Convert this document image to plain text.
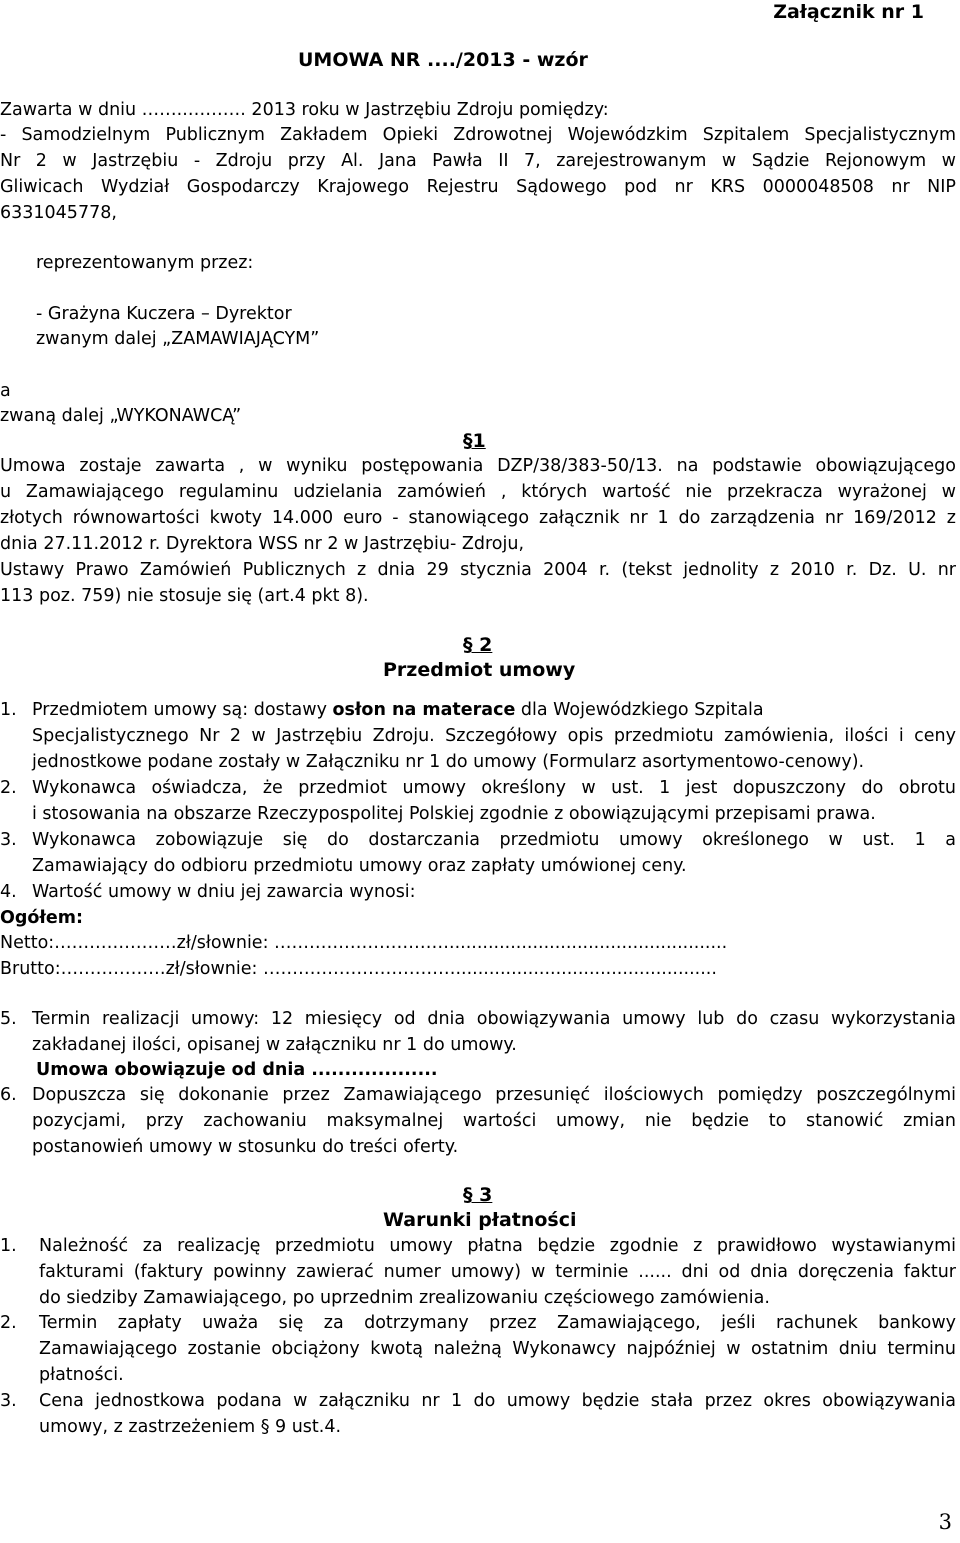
Załącznik nr 1
UMOWA NR ..../2013 - wzór
Zawarta w dniu ……..………. 2013 roku w Jastrzębiu Zdroju pomiędzy:
- Samodzielnym Publicznym Zakładem Opieki Zdrowotnej Wojewódzkim Szpitalem Specjalistycznym
Nr 2 w Jastrzębiu - Zdroju przy Al. Jana Pawła II 7, zarejestrowanym w Sądzie Rejonowym w
Gliwicach Wydział Gospodarczy Krajowego Rejestru Sądowego pod nr KRS 0000048508 nr NIP
6331045778,
reprezentowanym przez:
- Grażyna Kuczera – Dyrektor
zwanym dalej „ZAMAWIAJĄCYM”
a
zwaną dalej „WYKONAWCĄ”
§1
Umowa zostaje zawarta , w wyniku postępowania DZP/38/383-50/13. na podstawie obowiązującego
u Zamawiającego regulaminu udzielania zamówień , których wartość nie przekracza wyrażonej w
złotych równowartości kwoty 14.000 euro - stanowiącego załącznik nr 1 do zarządzenia nr 169/2012 z
dnia 27.11.2012 r. Dyrektora WSS nr 2 w Jastrzębiu- Zdroju,
Ustawy Prawo Zamówień Publicznych z dnia 29 stycznia 2004 r. (tekst jednolity z 2010 r. Dz. U. nr
113 poz. 759) nie stosuje się (art.4 pkt 8).
§ 2
Przedmiot umowy
1. Przedmiotem umowy są: dostawy osłon na materace dla Wojewódzkiego Szpitala
Specjalistycznego Nr 2 w Jastrzębiu Zdroju. Szczegółowy opis przedmiotu zamówienia, ilości i ceny
jednostkowe podane zostały w Załączniku nr 1 do umowy (Formularz asortymentowo-cenowy).
2. Wykonawca oświadcza, że przedmiot umowy określony w ust. 1 jest dopuszczony do obrotu
i stosowania na obszarze Rzeczypospolitej Polskiej zgodnie z obowiązującymi przepisami prawa.
3. Wykonawca zobowiązuje się do dostarczania przedmiotu umowy określonego w ust. 1 a
Zamawiający do odbioru przedmiotu umowy oraz zapłaty umówionej ceny.
4. Wartość umowy w dniu jej zawarcia wynosi:
Ogółem:
Netto:…………………zł/słownie: …………………………..................................................
Brutto:………………zł/słownie: ……………………………...............................................
5. Termin realizacji umowy: 12 miesięcy od dnia obowiązywania umowy lub do czasu wykorzystania
zakładanej ilości, opisanej w załączniku nr 1 do umowy.
Umowa obowiązuje od dnia ...................
6. Dopuszcza się dokonanie przez Zamawiającego przesunięć ilościowych pomiędzy poszczególnymi
pozycjami, przy zachowaniu maksymalnej wartości umowy, nie będzie to stanowić zmian
postanowień umowy w stosunku do treści oferty.
§ 3
Warunki płatności
1. Należność za realizację przedmiotu umowy płatna będzie zgodnie z prawidłowo wystawianymi
fakturami (faktury powinny zawierać numer umowy) w terminie ...... dni od dnia doręczenia faktur
do siedziby Zamawiającego, po uprzednim zrealizowaniu częściowego zamówienia.
2. Termin zapłaty uważa się za dotrzymany przez Zamawiającego, jeśli rachunek bankowy
Zamawiającego zostanie obciążony kwotą należną Wykonawcy najpóźniej w ostatnim dniu terminu
płatności.
3. Cena jednostkowa podana w załączniku nr 1 do umowy będzie stała przez okres obowiązywania
umowy, z zastrzeżeniem § 9 ust.4.
3
